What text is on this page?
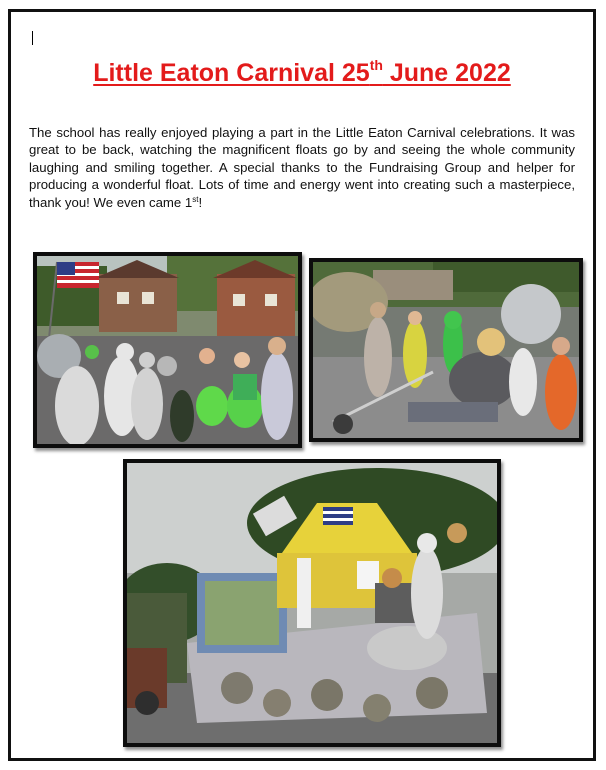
Little Eaton Carnival 25th June 2022

The school has really enjoyed playing a part in the Little Eaton Carnival celebrations. It was great to be back, watching the magnificent floats go by and seeing the whole community laughing and smiling together. A special thanks to the Fundraising Group and helper for producing a wonderful float. Lots of time and energy went into creating such a masterpiece, thank you! We even came 1st!
